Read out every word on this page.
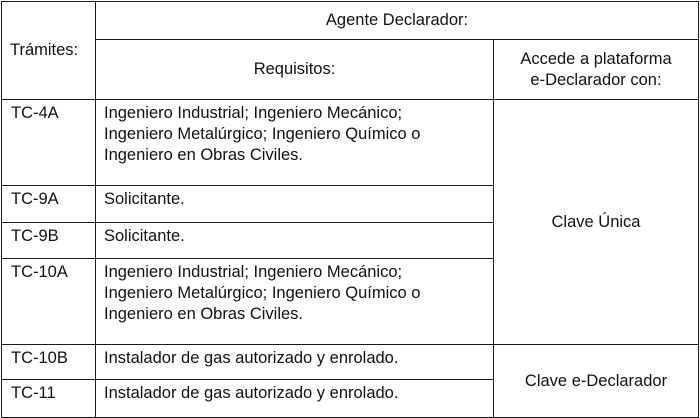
Trámites:	Agente Declarador:	
	Requisitos:	Accede a plataforma
e-Declarador con:
TC-4A	Ingeniero Industrial; Ingeniero Mecánico;
Ingeniero Metalúrgico; Ingeniero Químico o
Ingeniero en Obras Civiles.	Clave Única
TC-9A	Solicitante.	

TC-9B	Solicitante.	

TC-10A	Ingeniero Industrial; Ingeniero Mecánico;
Ingeniero Metalúrgico; Ingeniero Químico o
Ingeniero en Obras Civiles.	

TC-10B	Instalador de gas autorizado y enrolado.	Clave e-Declarador
TC-11	Instalador de gas autorizado y enrolado.	
